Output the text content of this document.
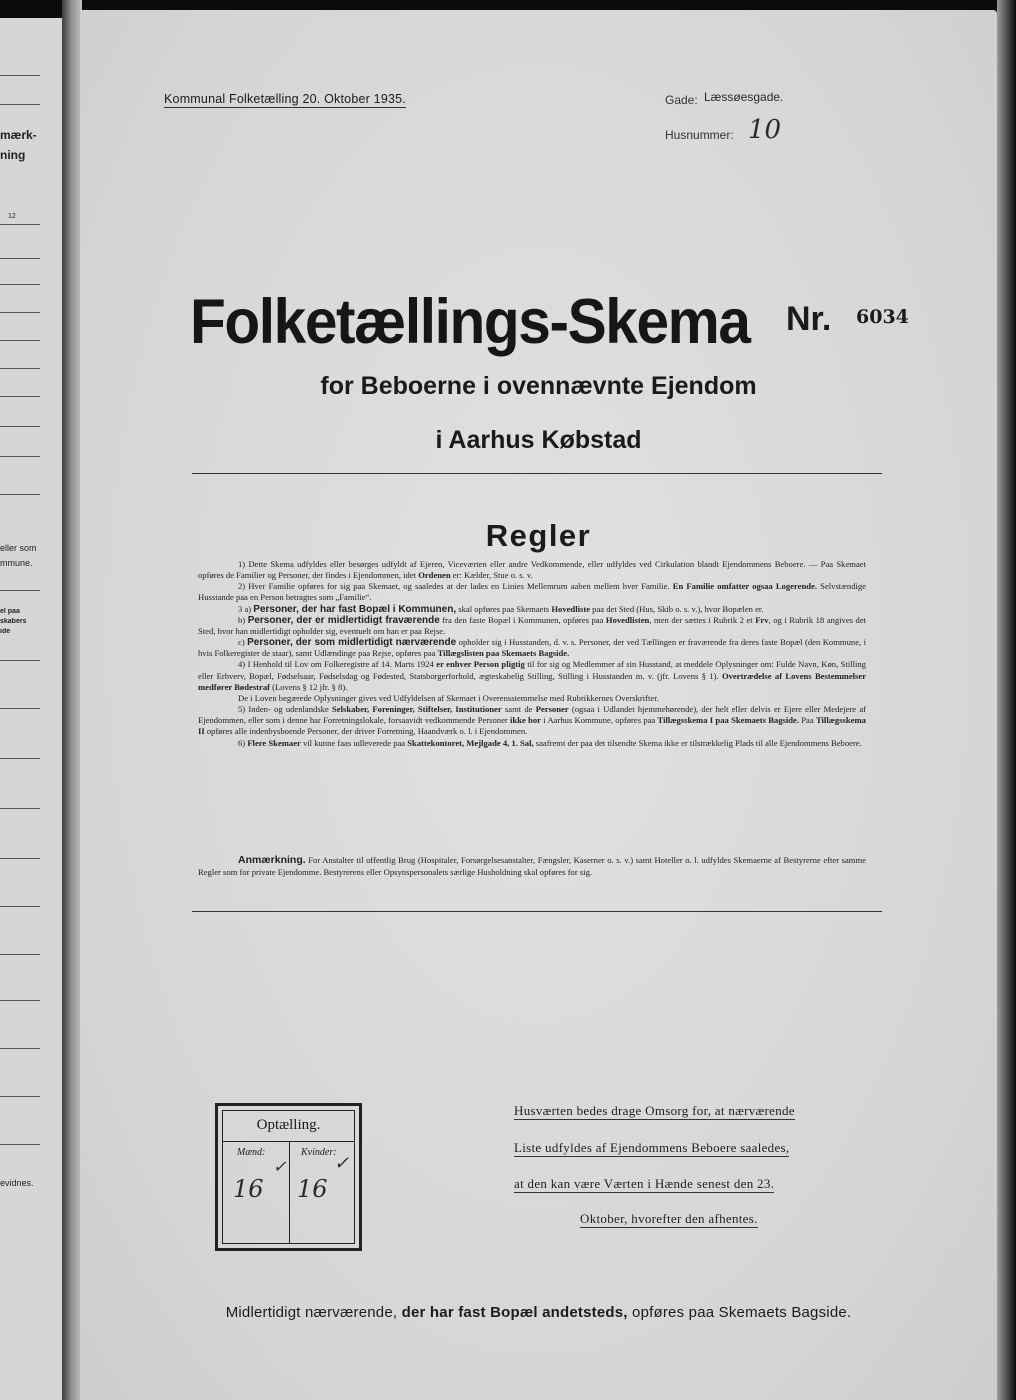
mærk-
ning
12
eller som
mmune.
el paa
skabers
ide
evidnes.
Kommunal Folketælling 20. Oktober 1935.	Gade: Læssøesgade.
Husnummer: 10
Folketællings-Skema	Nr. 6034
for Beboerne i ovennævnte Ejendom
i Aarhus Købstad
Regler

1) Dette Skema udfyldes eller besørges udfyldt af Ejeren, Viceværten eller andre Vedkommende, eller udfyldes ved Cirkulation blandt Ejendommens Beboere. — Paa Skemaet opføres de Familier og Personer, der findes i Ejendommen, idet Ordenen er: Kælder, Stue o. s. v.

2) Hver Familie opføres for sig paa Skemaet, og saaledes at der lades en Linies Mellemrum aaben mellem hver Familie. En Familie omfatter ogsaa Logerende. Selvstændige Husstande paa en Person betragtes som „Familie“.

3 a) Personer, der har fast Bopæl i Kommunen, skal opføres paa Skemaets Hovedliste paa det Sted (Hus, Skib o. s. v.), hvor Bopælen er.

b) Personer, der er midlertidigt fraværende fra den faste Bopæl i Kommunen, opføres paa Hovedlisten, men der sættes i Rubrik 2 et Frv, og i Rubrik 18 angives det Sted, hvor han midlertidigt opholder sig, eventuelt om han er paa Rejse.

c) Personer, der som midlertidigt nærværende opholder sig i Husstanden, d. v. s. Personer, der ved Tællingen er fraværende fra deres faste Bopæl (den Kommune, i hvis Folkeregister de staar), samt Udlændinge paa Rejse, opføres paa Tillægslisten paa Skemaets Bagside.

4) I Henhold til Lov om Folkeregistre af 14. Marts 1924 er enhver Person pligtig til for sig og Medlemmer af sin Husstand, at meddele Oplysninger om: Fulde Navn, Køn, Stilling eller Erhverv, Bopæl, Fødselsaar, Fødselsdag og Fødested, Statsborgerforhold, ægteskabelig Stilling, Stilling i Husstanden m. v. (jfr. Lovens § 1). Overtrædelse af Lovens Bestemmelser medfører Bødestraf (Lovens § 12 jfr. § 8).

De i Loven begærede Oplysninger gives ved Udfyldelsen af Skemaet i Overensstemmelse med Rubrikkernes Overskrifter.

5) Inden- og udenlandske Selskaber, Foreninger, Stiftelser, Institutioner samt de Personer (ogsaa i Udlandet hjemmehørende), der helt eller delvis er Ejere eller Medejere af Ejendommen, eller som i denne har Forretningslokale, forsaavidt vedkommende Personer ikke bor i Aarhus Kommune, opføres paa Tillægsskema I paa Skemaets Bagside. Paa Tillægsskema II opføres alle indenbysboende Personer, der driver Forretning, Haandværk o. l. i Ejendommen.

6) Flere Skemaer vil kunne faas udleverede paa Skattekontoret, Mejlgade 4, 1. Sal, saafremt der paa det tilsendte Skema ikke er tilstrækkelig Plads til alle Ejendommens Beboere.

Anmærkning. For Anstalter til offentlig Brug (Hospitaler, Forsørgelsesanstalter, Fængsler, Kaserner o. s. v.) samt Hoteller o. l. udfyldes Skemaerne af Bestyrerne efter samme Regler som for private Ejendomme. Bestyrerens eller Opsynspersonalets særlige Husholdning skal opføres for sig.

Optælling.
Mænd:	Kvinder:
✓	✓
16 16
Husværten bedes drage Omsorg for, at nærværende
Liste udfyldes af Ejendommens Beboere saaledes,
at den kan være Værten i Hænde senest den 23.
Oktober, hvorefter den afhentes.
Midlertidigt nærværende, der har fast Bopæl andetsteds, opføres paa Skemaets Bagside.
